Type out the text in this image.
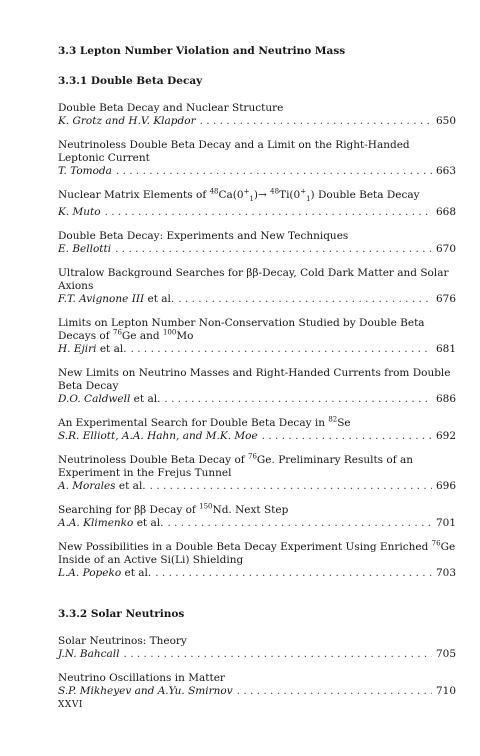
3.3 Lepton Number Violation and Neutrino Mass
3.3.1 Double Beta Decay
Double Beta Decay and Nuclear Structure
K. Grotz and H.V. Klapdor . . .	650
Neutrinoless Double Beta Decay and a Limit on the Right-Handed Leptonic Current
T. Tomoda . . .	663
Nuclear Matrix Elements of $^{48}Ca(0^+_1)\to ^{48}Ti(0^+_1)$ Double Beta Decay
K. Muto . . .	668
Double Beta Decay: Experiments and New Techniques
E. Bellotti . . .	670
Ultralow Background Searches for ββ-Decay, Cold Dark Matter and Solar Axions
F.T. Avignone III et al. . . .	676
Limits on Lepton Number Non-Conservation Studied by Double Beta Decays of $^{76}$Ge and $^{100}$Mo
H. Ejiri et al. . . .	681
New Limits on Neutrino Masses and Right-Handed Currents from Double Beta Decay
D.O. Caldwell et al. . . .	686
An Experimental Search for Double Beta Decay in $^{82}$Se
S.R. Elliott, A.A. Hahn, and M.K. Moe . . .	692
Neutrinoless Double Beta Decay of $^{76}$Ge. Preliminary Results of an Experiment in the Frejus Tunnel
A. Morales et al. . . .	696
Searching for ββ Decay of $^{150}$Nd. Next Step
A.A. Klimenko et al. . . .	701
New Possibilities in a Double Beta Decay Experiment Using Enriched $^{76}$Ge Inside of an Active Si(Li) Shielding
L.A. Popeko et al. . . .	703
3.3.2 Solar Neutrinos
Solar Neutrinos: Theory
J.N. Bahcall . . .	705
Neutrino Oscillations in Matter
S.P. Mikheyev and A.Yu. Smirnov . . .	710
XXVI
